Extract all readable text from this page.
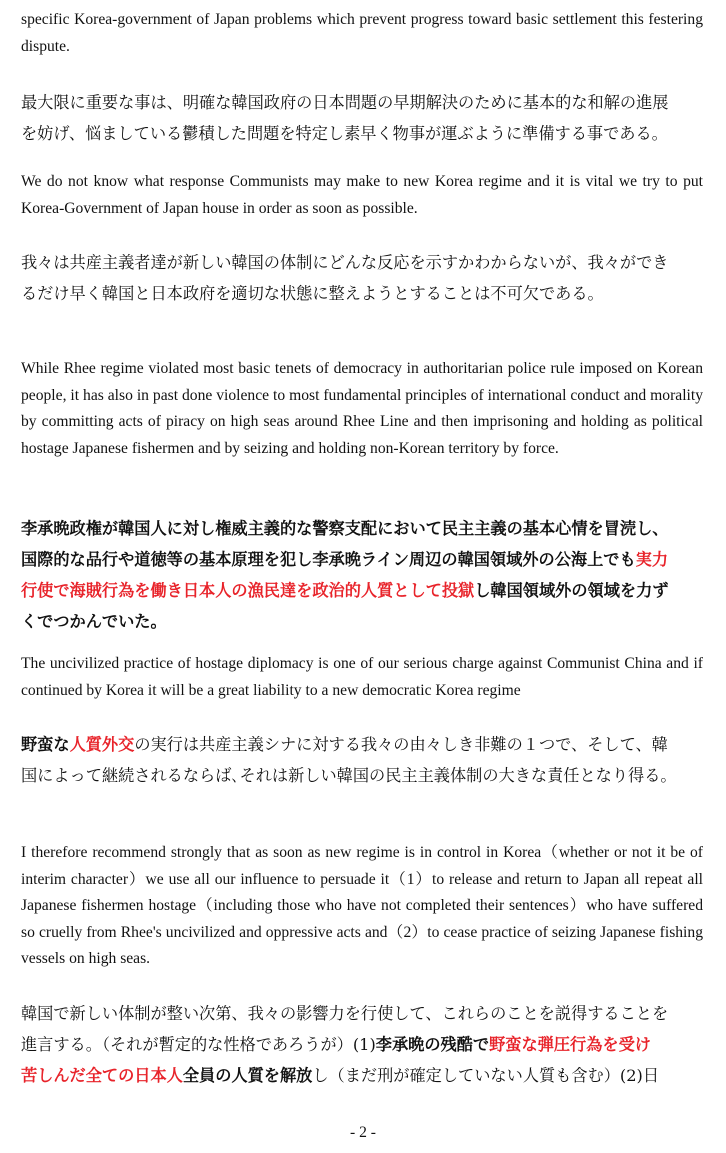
specific Korea-government of Japan problems which prevent progress toward basic settlement this festering dispute.

最大限に重要な事は、明確な韓国政府の日本問題の早期解決のために基本的な和解の進展
を妨げ、悩ましている鬱積した問題を特定し素早く物事が運ぶように準備する事である。

We do not know what response Communists may make to new Korea regime and it is vital we try to put Korea-Government of Japan house in order as soon as possible.

我々は共産主義者達が新しい韓国の体制にどんな反応を示すかわからないが、我々ができ
るだけ早く韓国と日本政府を適切な状態に整えようとすることは不可欠である。

While Rhee regime violated most basic tenets of democracy in authoritarian police rule imposed on Korean people, it has also in past done violence to most fundamental principles of international conduct and morality by committing acts of piracy on high seas around Rhee Line and then imprisoning and holding as political hostage Japanese fishermen and by seizing and holding non-Korean territory by force.

李承晩政権が韓国人に対し権威主義的な警察支配において民主主義の基本心情を冒涜し、
国際的な品行や道徳等の基本原理を犯し李承晩ライン周辺の韓国領域外の公海上でも実力
行使で海賊行為を働き日本人の漁民達を政治的人質として投獄し韓国領域外の領域を力ず
くでつかんでいた。

The uncivilized practice of hostage diplomacy is one of our serious charge against Communist China and if continued by Korea it will be a great liability to a new democratic Korea regime

野蛮な人質外交の実行は共産主義シナに対する我々の由々しき非難の１つで、そして、韓
国によって継続されるならば､それは新しい韓国の民主主義体制の大きな責任となり得る。

I therefore recommend strongly that as soon as new regime is in control in Korea（whether or not it be of interim character）we use all our influence to persuade it（1）to release and return to Japan all repeat all Japanese fishermen hostage（including those who have not completed their sentences）who have suffered so cruelly from Rhee's uncivilized and oppressive acts and（2）to cease practice of seizing Japanese fishing vessels on high seas.

韓国で新しい体制が整い次第、我々の影響力を行使して、これらのことを説得することを
進言する。（それが暫定的な性格であろうが）(1)李承晩の残酷で野蛮な弾圧行為を受け
苦しんだ全ての日本人全員の人質を解放し（まだ刑が確定していない人質も含む）(2)日

- 2 -
